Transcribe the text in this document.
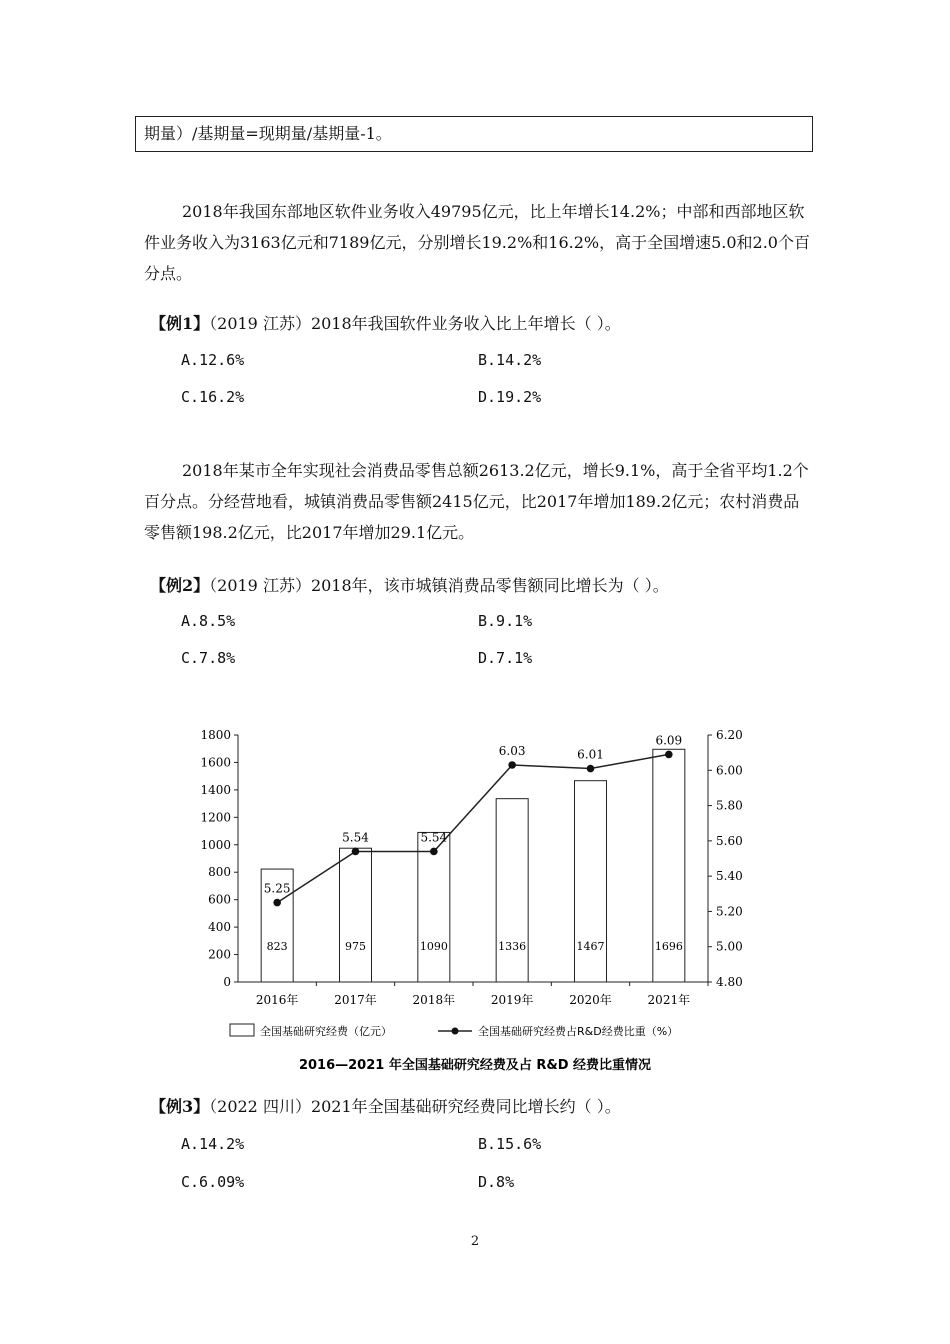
期量）/基期量=现期量/基期量-1。

2018年我国东部地区软件业务收入49795亿元，比上年增长14.2%；中部和西部地区软件业务收入为3163亿元和7189亿元，分别增长19.2%和16.2%，高于全国增速5.0和2.0个百分点。

【例1】（2019 江苏）2018年我国软件业务收入比上年增长（ ）。
A.12.6%	B.14.2%
C.16.2%	D.19.2%

2018年某市全年实现社会消费品零售总额2613.2亿元，增长9.1%，高于全省平均1.2个百分点。分经营地看，城镇消费品零售额2415亿元，比2017年增加189.2亿元；农村消费品零售额198.2亿元，比2017年增加29.1亿元。

【例2】（2019 江苏）2018年，该市城镇消费品零售额同比增长为（ ）。
A.8.5%	B.9.1%
C.7.8%	D.7.1%
0
200
400
600
800
1000
1200
1400
1600
1800
4.80
5.00
5.20
5.40
5.60
5.80
6.00
6.20
823
2016年
975
2017年
1090
2018年
1336
2019年
1467
2020年
1696
2021年
5.25
5.54	5.54
6.03	6.01
6.09
全国基础研究经费（亿元）	全国基础研究经费占R&D经费比重（%）
2016—2021 年全国基础研究经费及占 R&D 经费比重情况
【例3】（2022 四川）2021年全国基础研究经费同比增长约（ ）。
A.14.2%	B.15.6%
C.6.09%	D.8%
2
